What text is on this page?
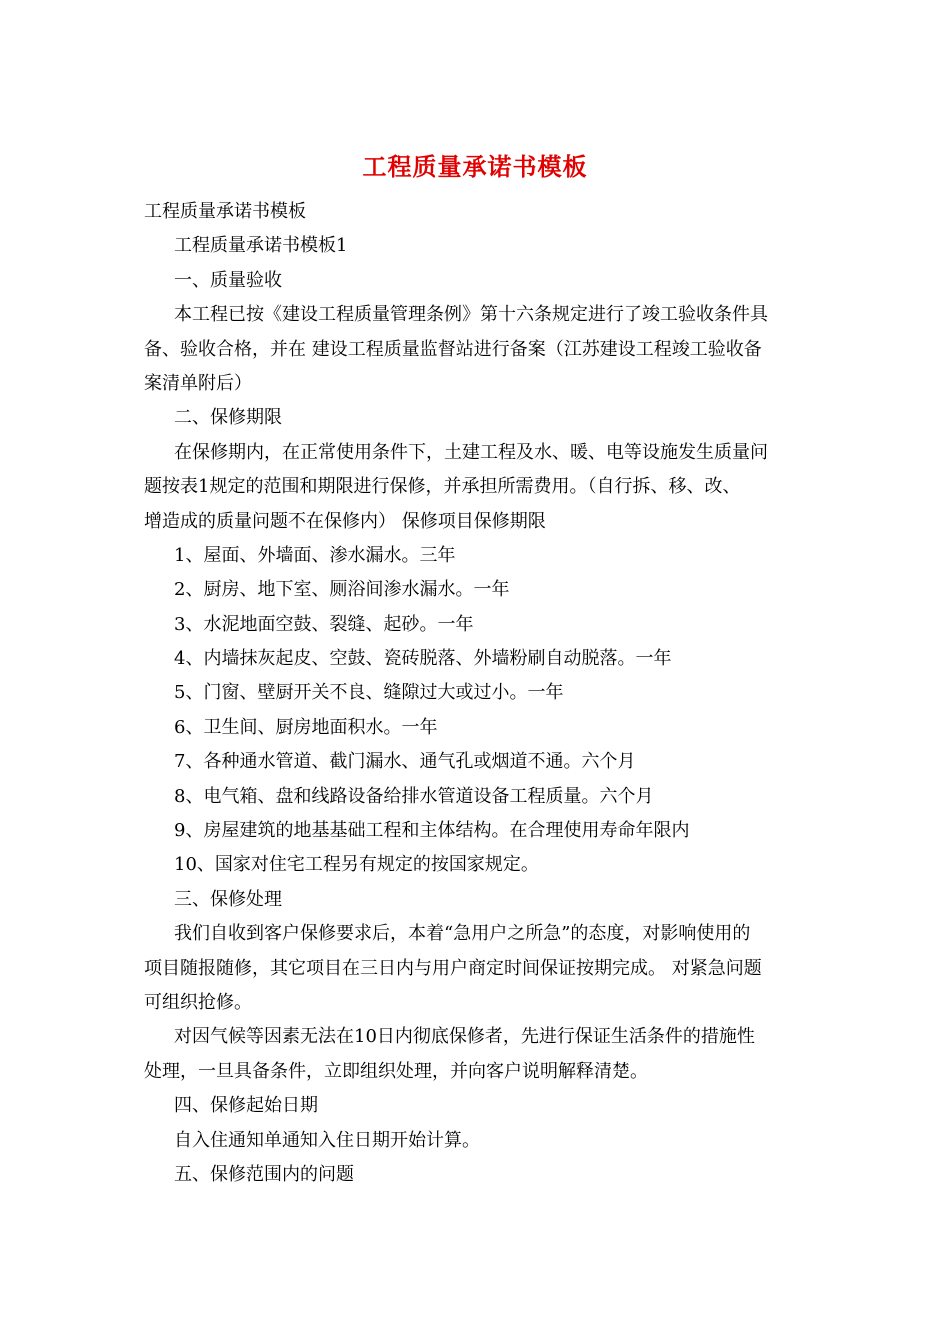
工程质量承诺书模板
工程质量承诺书模板
工程质量承诺书模板1
一、质量验收
本工程已按《建设工程质量管理条例》第十六条规定进行了竣工验收条件具
备、验收合格，并在 建设工程质量监督站进行备案（江苏建设工程竣工验收备
案清单附后）
二、保修期限
在保修期内，在正常使用条件下，土建工程及水、暖、电等设施发生质量问
题按表1规定的范围和期限进行保修，并承担所需费用。（自行拆、移、改、
增造成的质量问题不在保修内） 保修项目保修期限
1、屋面、外墙面、渗水漏水。三年
2、厨房、地下室、厕浴间渗水漏水。一年
3、水泥地面空鼓、裂缝、起砂。一年
4、内墙抹灰起皮、空鼓、瓷砖脱落、外墙粉刷自动脱落。一年
5、门窗、壁厨开关不良、缝隙过大或过小。一年
6、卫生间、厨房地面积水。一年
7、各种通水管道、截门漏水、通气孔或烟道不通。六个月
8、电气箱、盘和线路设备给排水管道设备工程质量。六个月
9、房屋建筑的地基基础工程和主体结构。在合理使用寿命年限内
10、国家对住宅工程另有规定的按国家规定。
三、保修处理
我们自收到客户保修要求后，本着“急用户之所急”的态度，对影响使用的
项目随报随修，其它项目在三日内与用户商定时间保证按期完成。 对紧急问题
可组织抢修。
对因气候等因素无法在10日内彻底保修者，先进行保证生活条件的措施性
处理，一旦具备条件，立即组织处理，并向客户说明解释清楚。
四、保修起始日期
自入住通知单通知入住日期开始计算。
五、保修范围内的问题
